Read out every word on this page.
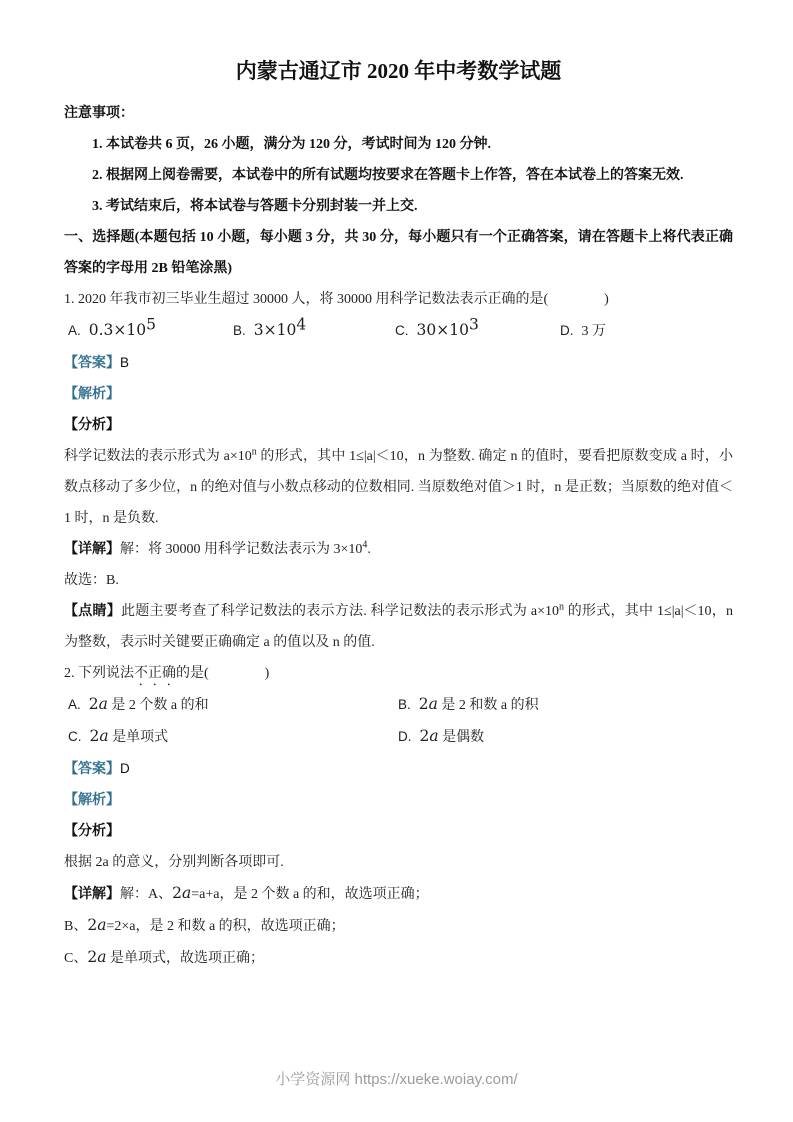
内蒙古通辽市 2020 年中考数学试题

注意事项：

1. 本试卷共 6 页，26 小题，满分为 120 分，考试时间为 120 分钟.

2. 根据网上阅卷需要，本试卷中的所有试题均按要求在答题卡上作答，答在本试卷上的答案无效.

3. 考试结束后，将本试卷与答题卡分别封装一并上交.

一、选择题(本题包括 10 小题，每小题 3 分，共 30 分，每小题只有一个正确答案，请在答题卡上将代表正确答案的字母用 2B 铅笔涂黑)

1. 2020 年我市初三毕业生超过 30000 人，将 30000 用科学记数法表示正确的是(　　　　)

A. $0.3\times 10^5$	B. $3\times 10^4$	C. $30\times 10^3$	D. 3 万

【答案】B

【解析】

【分析】

科学记数法的表示形式为 $a\times 10^n$ 的形式，其中 1≤|a|＜10，n 为整数. 确定 n 的值时，要看把原数变成 a 时，小数点移动了多少位，n 的绝对值与小数点移动的位数相同. 当原数绝对值＞1 时，n 是正数；当原数的绝对值＜1 时，n 是负数.

【详解】解：将 30000 用科学记数法表示为 $3\times 10^4$.

故选：B.

【点睛】此题主要考查了科学记数法的表示方法. 科学记数法的表示形式为 $a\times 10^n$ 的形式，其中 1≤|a|＜10，n 为整数，表示时关键要正确确定 a 的值以及 n 的值.

2. 下列说法不正确的是(　　　　)

A. 2a 是 2 个数 a 的和	B. 2a 是 2 和数 a 的积
C. 2a 是单项式	D. 2a 是偶数

【答案】D

【解析】

【分析】

根据 2a 的意义，分别判断各项即可.

【详解】解：A、2a=a+a，是 2 个数 a 的和，故选项正确；

B、2a=2×a，是 2 和数 a 的积，故选项正确；

C、2a 是单项式，故选项正确；

小学资源网 https://xueke.woiay.com/
